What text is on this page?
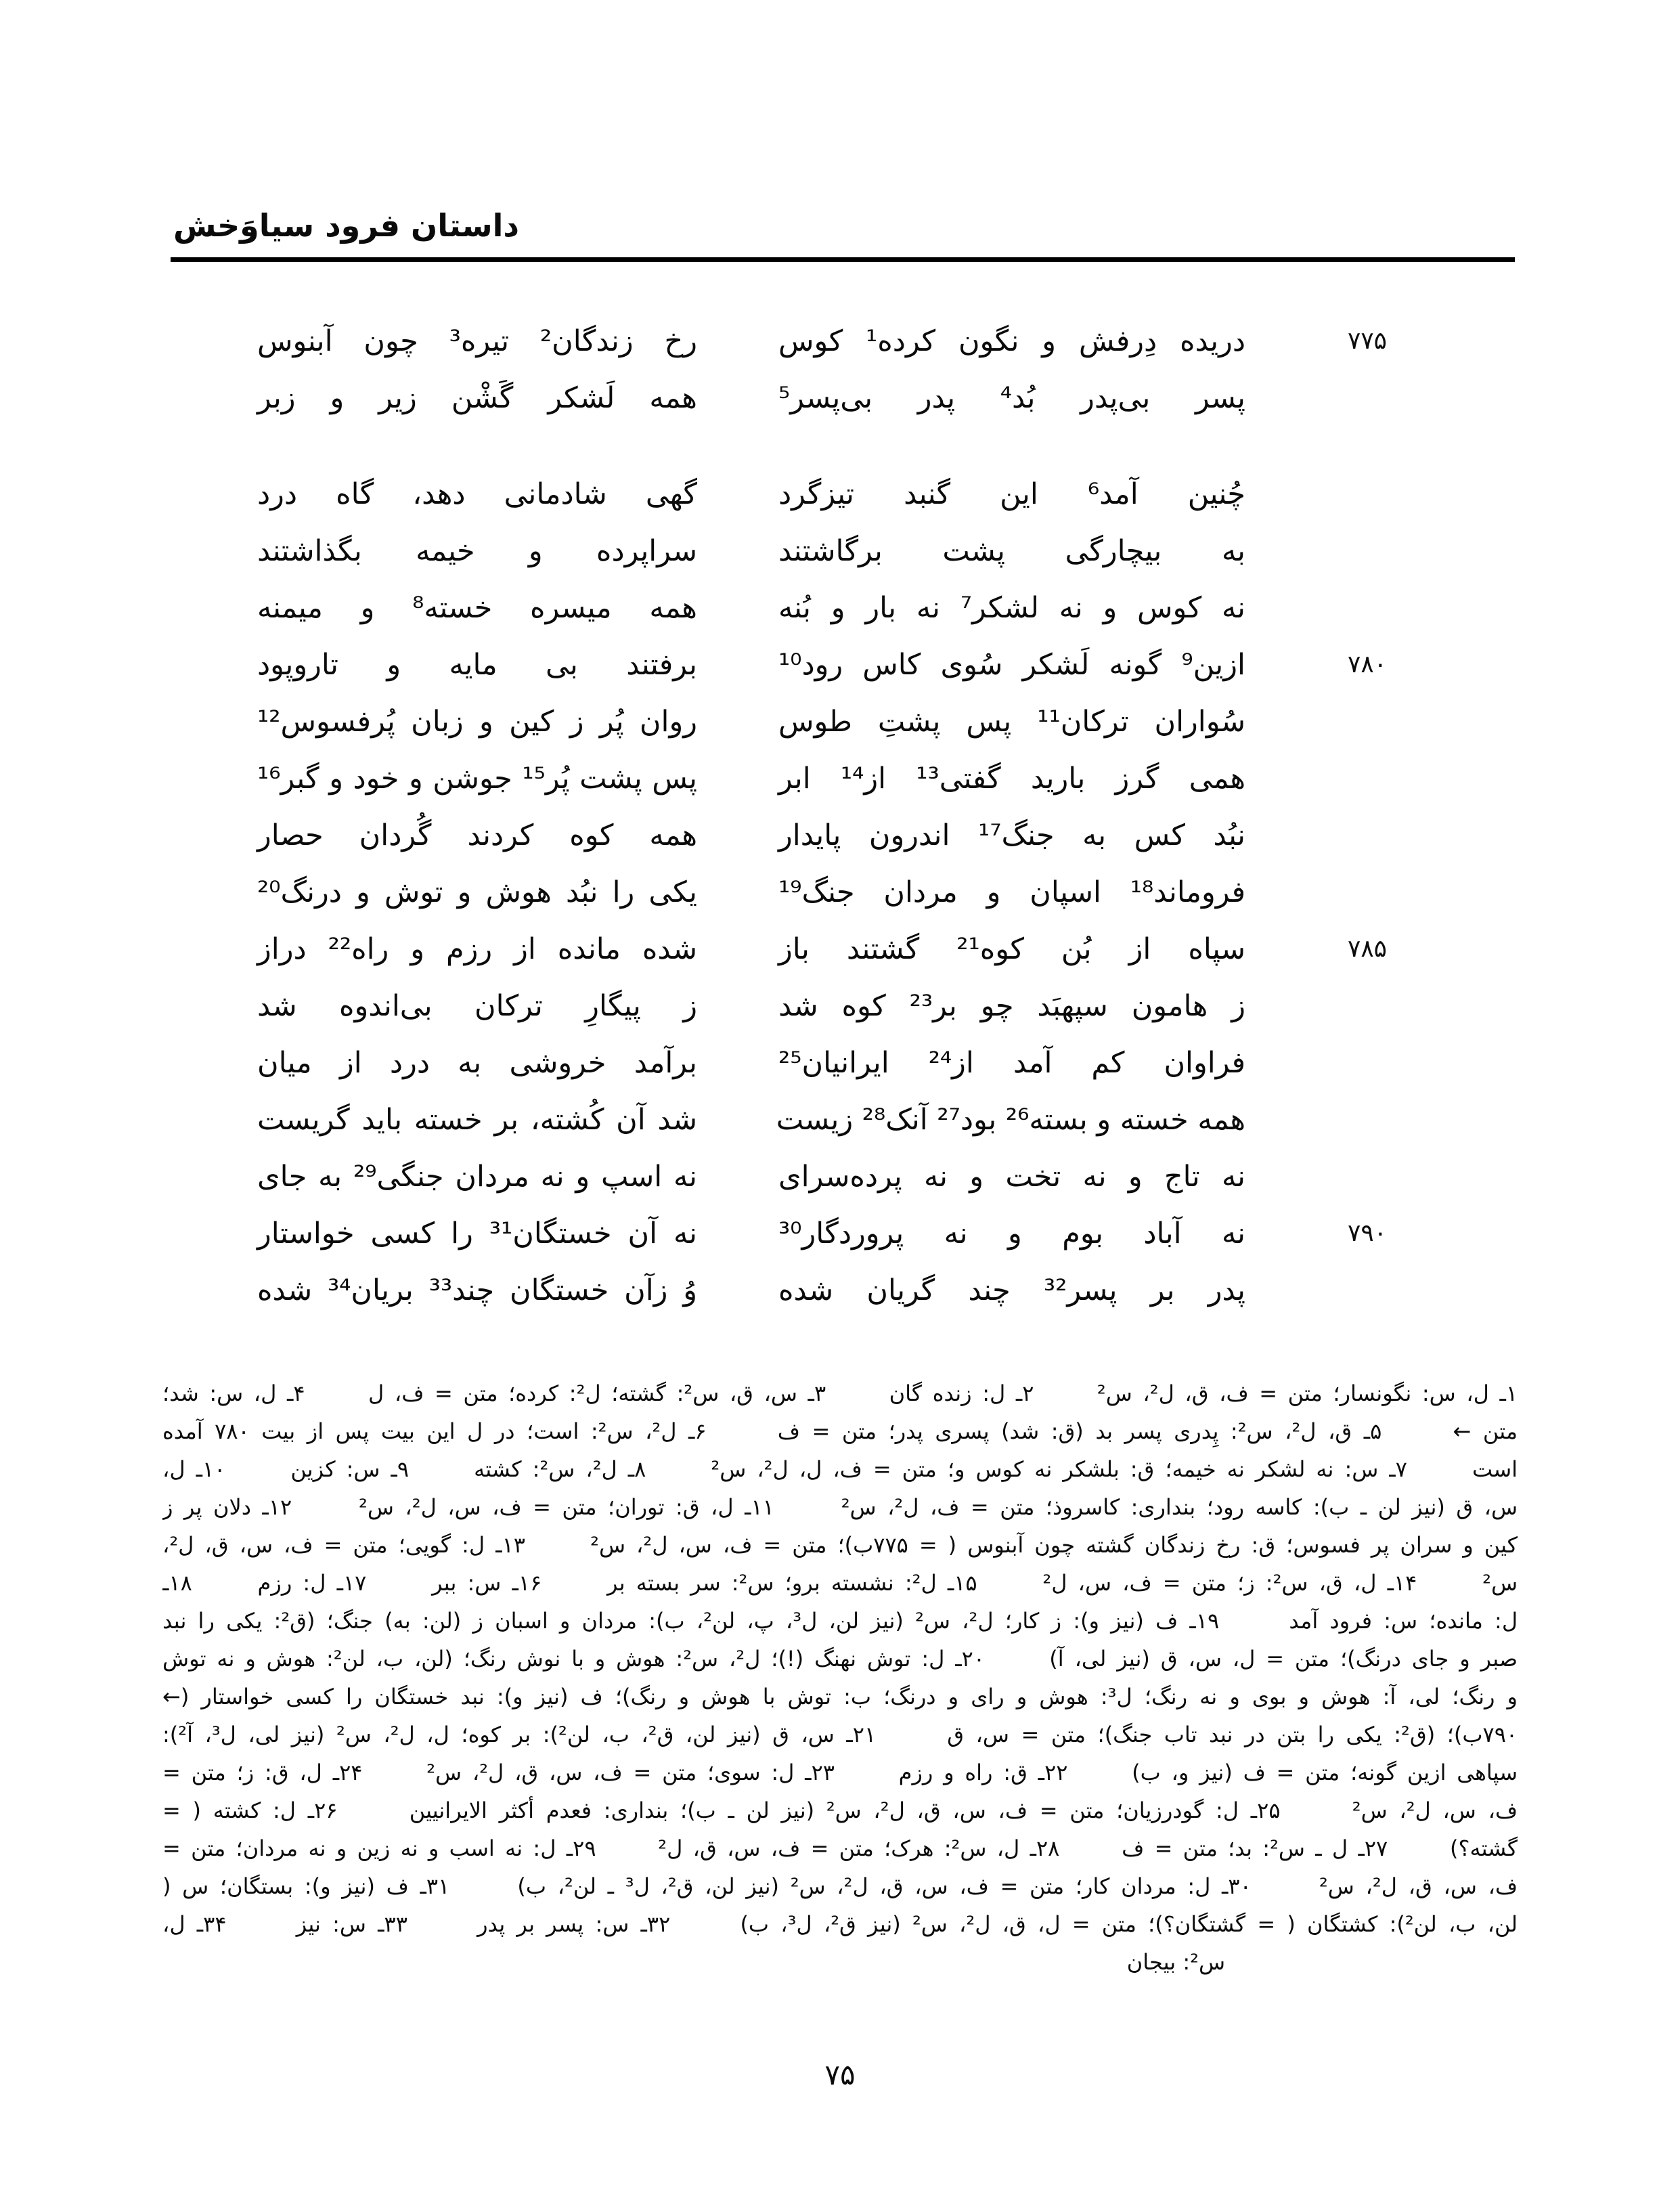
داستان فرود سیاوَخش
۷۷۵
دریده دِرفش و نگون کرده¹ کوس
رخ زندگان² تیره³ چون آبنوس
پسر بی‌پدر بُد⁴ پدر بی‌پسر⁵
همه لَشکر گَشْن زیر و زبر
چُنین آمد⁶ این گنبد تیزگرد
گهی شادمانی دهد، گاه درد
به بیچارگی پشت برگاشتند
سراپرده و خیمه بگذاشتند
نه کوس و نه لشکر⁷ نه بار و بُنه
همه میسره خسته⁸ و میمنه
۷۸۰
ازین⁹ گونه لَشکر سُوی کاس رود¹⁰
برفتند بی مایه و تاروپود
سُواران ترکان¹¹ پس پشتِ طوس
روان پُر ز کین و زبان پُرفسوس¹²
همی گرز بارید گفتی¹³ از¹⁴ ابر
پس پشت پُر¹⁵ جوشن و خود و گبر¹⁶
نبُد کس به جنگ¹⁷ اندرون پایدار
همه کوه کردند گُردان حصار
فروماند¹⁸ اسپان و مردان جنگ¹⁹
یکی را نبُد هوش و توش و درنگ²⁰
۷۸۵
سپاه از بُن کوه²¹ گشتند باز
شده مانده از رزم و راه²² دراز
ز هامون سپهبَد چو بر²³ کوه شد
ز پیگارِ ترکان بی‌اندوه شد
فراوان کم آمد از²⁴ ایرانیان²⁵
برآمد خروشی به درد از میان
همه خسته و بسته²⁶ بود²⁷ آنک²⁸ زیست
شد آن کُشته، بر خسته باید گریست
نه تاج و نه تخت و نه پرده‌سرای
نه اسپ و نه مردان جنگی²⁹ به جای
۷۹۰
نه آباد بوم و نه پروردگار³⁰
نه آن خستگان³¹ را کسی خواستار
پدر بر پسر³² چند گریان شده
وُ زآن خستگان چند³³ بریان³⁴ شده
۱ـ ل، س: نگونسار؛ متن = ف، ق، ل²، س²      ۲ـ ل: زنده گان      ۳ـ س، ق، س²: گشته؛ ل²: کرده؛ متن = ف، ل      ۴ـ ل، س: شد؛
متن ←      ۵ـ ق، ل²، س²: پِدری پسر بد (ق: شد) پسری پدر؛ متن = ف      ۶ـ ل²، س²: است؛ در ل این بیت پس از بیت ۷۸۰ آمده
است      ۷ـ س: نه لشکر نه خیمه؛ ق: بلشکر نه کوس و؛ متن = ف، ل، ل²، س²      ۸ـ ل²، س²: کشته      ۹ـ س: کزین      ۱۰ـ ل،
س، ق (نیز لن ـ ب): کاسه رود؛ بنداری: کاسروذ؛ متن = ف، ل²، س²      ۱۱ـ ل، ق: توران؛ متن = ف، س، ل²، س²      ۱۲ـ دلان پر ز
کین و سران پر فسوس؛ ق: رخ زندگان گشته چون آبنوس ( = ۷۷۵ب)؛ متن = ف، س، ل²، س²      ۱۳ـ ل: گویی؛ متن = ف، س، ق، ل²،
س²      ۱۴ـ ل، ق، س²: ز؛ متن = ف، س، ل²      ۱۵ـ ل²: نشسته برو؛ س²: سر بسته بر      ۱۶ـ س: ببر      ۱۷ـ ل: رزم      ۱۸ـ
ل: مانده؛ س: فرود آمد      ۱۹ـ ف (نیز و): ز کار؛ ل²، س² (نیز لن، ل³، پ، لن²، ب): مردان و اسبان ز (لن: به) جنگ؛ (ق²: یکی را نبد
صبر و جای درنگ)؛ متن = ل، س، ق (نیز لی، آ)      ۲۰ـ ل: توش نهنگ (!)؛ ل²، س²: هوش و با نوش رنگ؛ (لن، ب، لن²: هوش و نه توش
و رنگ؛ لی، آ: هوش و بوی و نه رنگ؛ ل³: هوش و رای و درنگ؛ ب: توش با هوش و رنگ)؛ ف (نیز و): نبد خستگان را کسی خواستار (←
۷۹۰ب)؛ (ق²: یکی را بتن در نبد تاب جنگ)؛ متن = س، ق      ۲۱ـ س، ق (نیز لن، ق²، ب، لن²): بر کوه؛ ل، ل²، س² (نیز لی، ل³، آ²):
سپاهی ازین گونه؛ متن = ف (نیز و، ب)      ۲۲ـ ق: راه و رزم      ۲۳ـ ل: سوی؛ متن = ف، س، ق، ل²، س²      ۲۴ـ ل، ق: ز؛ متن =
ف، س، ل²، س²      ۲۵ـ ل: گودرزیان؛ متن = ف، س، ق، ل²، س² (نیز لن ـ ب)؛ بنداری: فعدم أکثر الایرانیین      ۲۶ـ ل: کشته ( =
گشته؟)      ۲۷ـ ل ـ س²: بد؛ متن = ف      ۲۸ـ ل، س²: هرک؛ متن = ف، س، ق، ل²      ۲۹ـ ل: نه اسب و نه زین و نه مردان؛ متن =
ف، س، ق، ل²، س²      ۳۰ـ ل: مردان کار؛ متن = ف، س، ق، ل²، س² (نیز لن، ق²، ل³ ـ لن²، ب)      ۳۱ـ ف (نیز و): بستگان؛ س (
لن، ب، لن²): کشتگان ( = گشتگان؟)؛ متن = ل، ق، ل²، س² (نیز ق²، ل³، ب)      ۳۲ـ س: پسر بر پدر      ۳۳ـ س: نیز      ۳۴ـ ل،
س²: بیجان
۷۵
